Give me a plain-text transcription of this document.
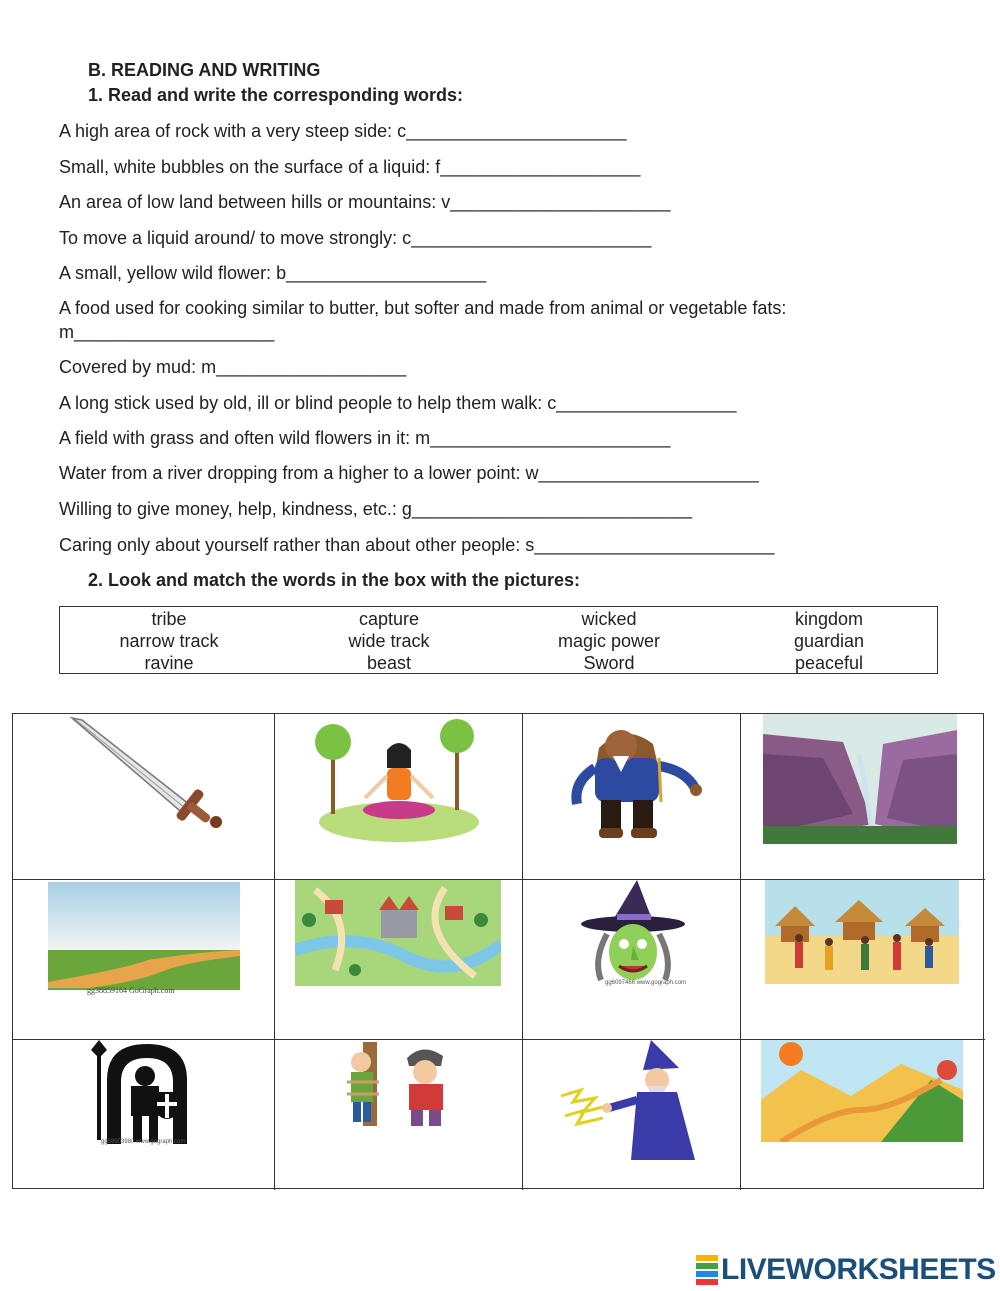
B. READING AND WRITING
1. Read and write the corresponding words:
A high area of rock with a very steep side: c______________________
Small, white bubbles on the surface of a liquid: f____________________
An area of low land between hills or mountains: v______________________
To move a liquid around/ to move strongly: c________________________
A small, yellow wild flower: b____________________
A food used for cooking similar to butter, but softer and made from animal or vegetable fats:
m____________________
Covered by mud: m___________________
A long stick used by old, ill or blind people to help them walk: c__________________
A field with grass and often wild flowers in it: m________________________
Water from a river dropping from a higher to a lower point: w______________________
Willing to give money, help, kindness, etc.: g____________________________
Caring only about yourself rather than about other people: s________________________
2. Look and match the words in the box with the pictures:
tribe	capture	wicked	kingdom
narrow track	wide track	magic power	guardian
ravine	beast	Sword	peaceful
gg38859164 GoGraph.com
gg6097466 www.gograph.com
gg58903980 www.gograph.com
LIVEWORKSHEETS
